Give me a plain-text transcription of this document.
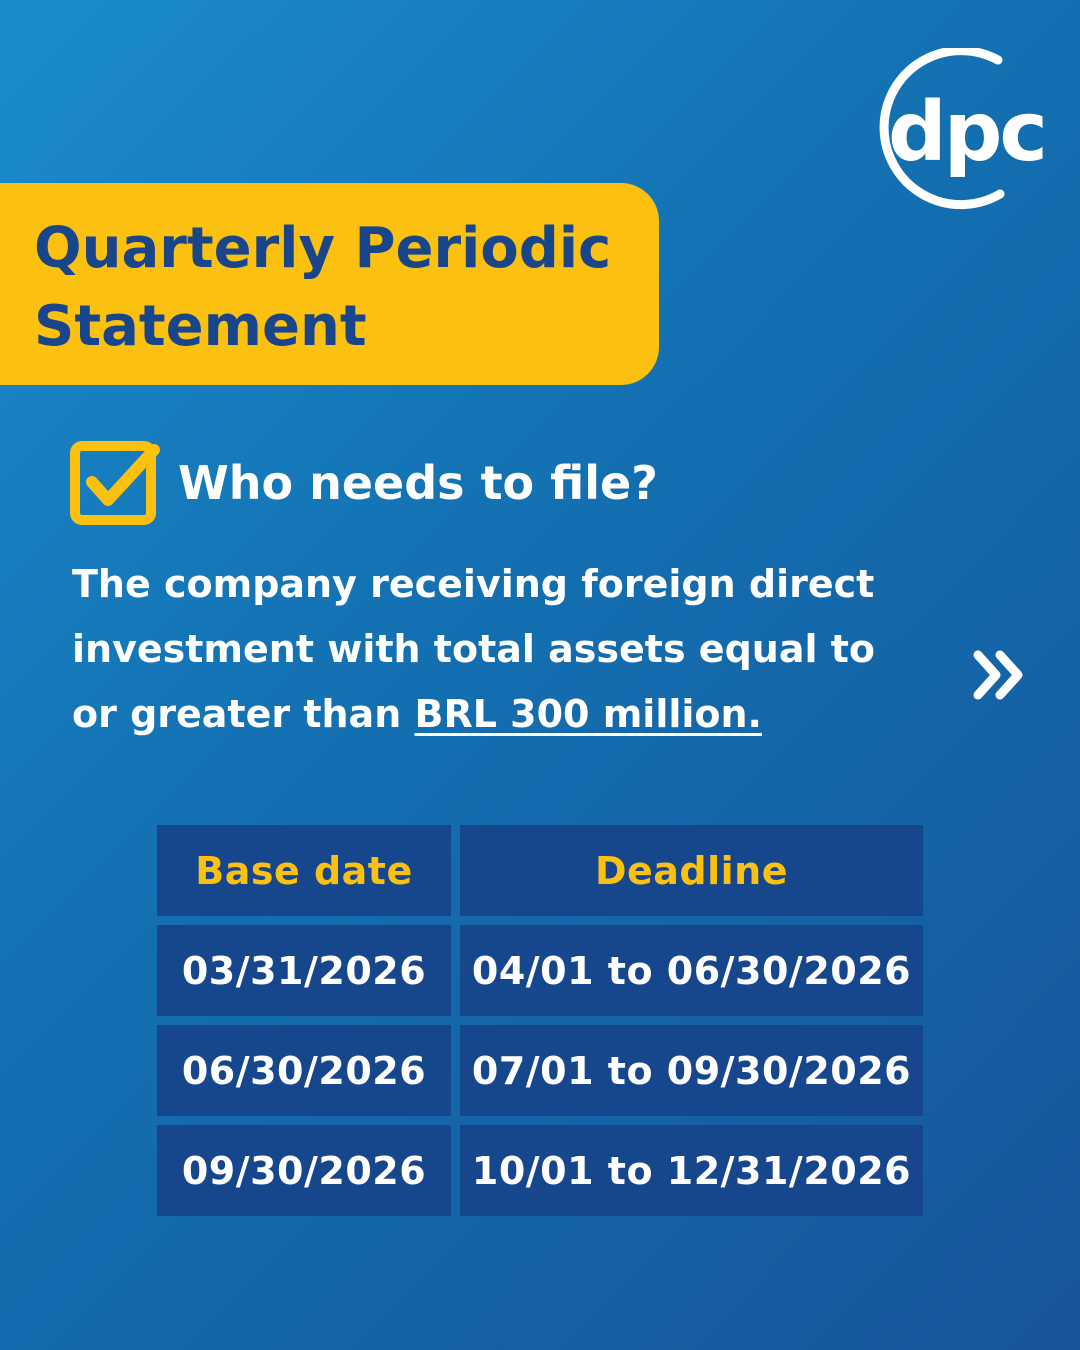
dpc
Quarterly Periodic
Statement
Who needs to file?

The company receiving foreign direct investment with total assets equal to or greater than BRL 300 million.

Base date	Deadline
03/31/2026	04/01 to 06/30/2026
06/30/2026	07/01 to 09/30/2026
09/30/2026	10/01 to 12/31/2026
